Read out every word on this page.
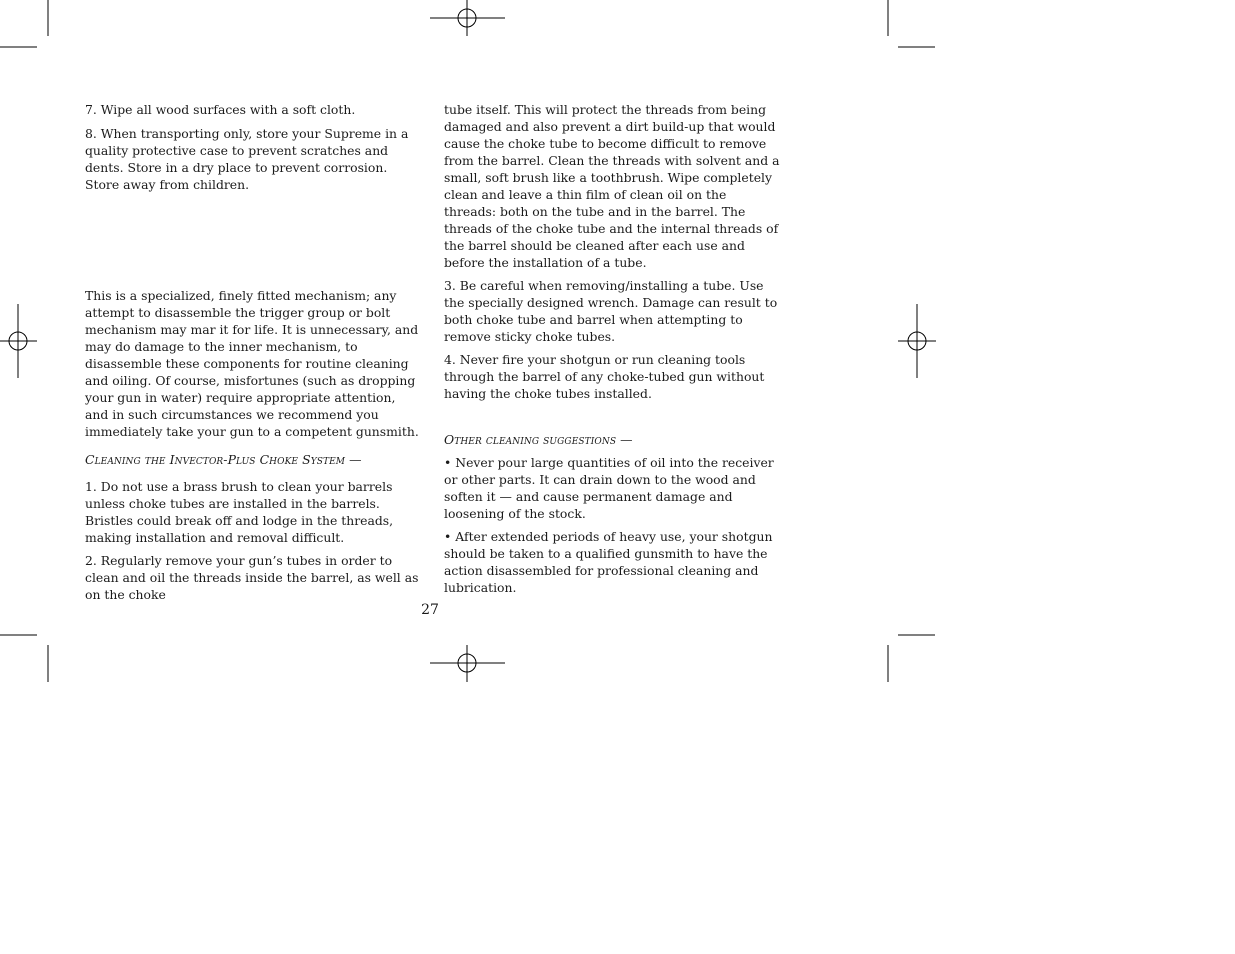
7. Wipe all wood surfaces with a soft cloth.

8. When transporting only, store your Supreme in a quality protective case to prevent scratches and dents. Store in a dry place to prevent corrosion. Store away from children.

This is a specialized, finely fitted mechanism; any attempt to disassemble the trigger group or bolt mechanism may mar it for life. It is unnecessary, and may do damage to the inner mechanism, to disassemble these components for routine cleaning and oiling. Of course, misfortunes (such as dropping your gun in water) require appropriate attention, and in such circumstances we recommend you immediately take your gun to a competent gunsmith.

Cleaning the Invector-Plus Choke System —

1. Do not use a brass brush to clean your barrels unless choke tubes are installed in the barrels. Bristles could break off and lodge in the threads, making installation and removal difficult.

2. Regularly remove your gun’s tubes in order to clean and oil the threads inside the barrel, as well as on the choke

tube itself. This will protect the threads from being damaged and also prevent a dirt build-up that would cause the choke tube to become difficult to remove from the barrel. Clean the threads with solvent and a small, soft brush like a toothbrush. Wipe completely clean and leave a thin film of clean oil on the threads: both on the tube and in the barrel. The threads of the choke tube and the internal threads of the barrel should be cleaned after each use and before the installation of a tube.

3. Be careful when removing/installing a tube. Use the specially designed wrench. Damage can result to both choke tube and barrel when attempting to remove sticky choke tubes.

4. Never fire your shotgun or run cleaning tools through the barrel of any choke-tubed gun without having the choke tubes installed.

Other cleaning suggestions —

• Never pour large quantities of oil into the receiver or other parts. It can drain down to the wood and soften it — and cause permanent damage and loosening of the stock.

• After extended periods of heavy use, your shotgun should be taken to a qualified gunsmith to have the action disassembled for professional cleaning and lubrication.

27
